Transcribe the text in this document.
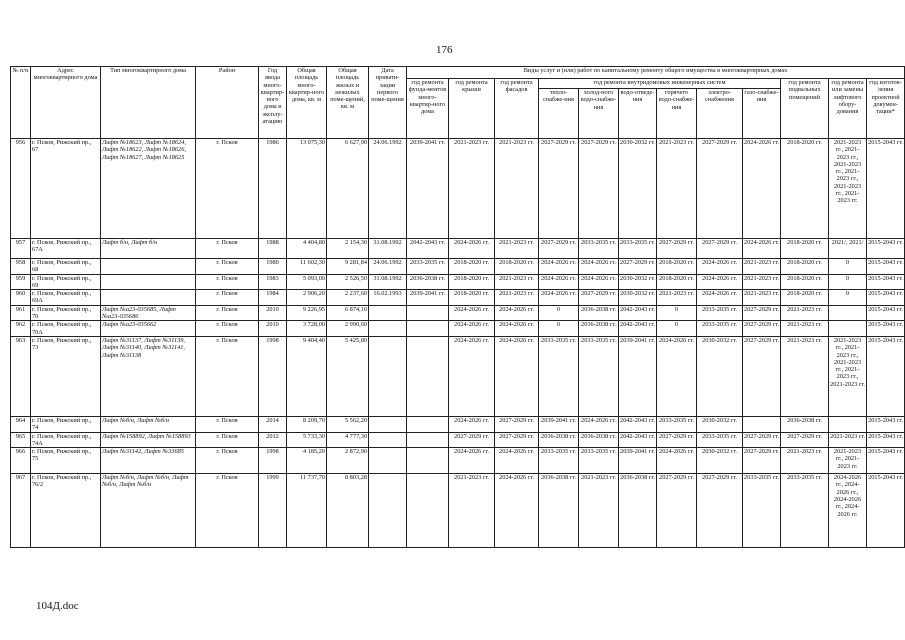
176
№ п/п	Адрес многоквартирного дома	Тип многоквартирного дома	Район	Год ввода много-квартир-ного дома в эксплу-атацию	Общая площадь много-квартир-ного дома, кв. м	Общая площадь жилых и нежилых поме-щений, кв. м	Дата привати-зации первого поме-щения	Виды услуг и (или) работ по капитальному ремонту общего имущества в многоквартирных домах											
								год ремонта фунда-ментов много-квартир-ного дома	год ремонта крыши	год ремонта фасадов	год ремонта внутридомовых инженерных систем						год ремонта подвальных помещений	год ремонта или замены лифтового обору-дования	год изготов-ления проектной докумен-тации*
											тепло-снабже-ния	холод-ного водо-снабже-ния	водо-отведе-ния	горячего водо-снабже-ния	электро-снабжения	газо-снабже-ния			
956	г. Псков, Рижский пр., 67	Лифт №18623, Лифт №18624, Лифт №18622, Лифт №18626, Лифт №18627, Лифт №18625	г. Псков	1986	13 075,30	6 627,90	24.06.1992	2039-2041 гг.	2021-2023 гг.	2021-2023 гг.	2027-2029 гг.	2027-2029 гг.	2030-2032 гг.	2021-2023 гг.	2027-2029 гг.	2024-2026 гг.	2018-2020 гг.	2021-2023 гг., 2021-2023 гг., 2021-2023 гг., 2021-2023 гг., 2021-2023 гг., 2021-2023 гг.	2015-2043 гг.
957	г. Псков, Рижский пр., 67А	Лифт б/н, Лифт б/н	г. Псков	1988	4 404,80	2 154,30	31.08.1992	2042-2043 гг.	2024-2026 гг.	2021-2023 гг.	2027-2029 гг.	2033-2035 гг.	2033-2035 гг.	2027-2029 гг.	2027-2029 гг.	2024-2026 гг.	2018-2020 гг.	2021/, 2021/	2015-2043 гг.
958	г. Псков, Рижский пр., 68		г. Псков	1980	11 602,30	9 281,84	24.06.1992	2033-2035 гг.	2018-2020 гг.	2018-2020 гг.	2024-2026 гг.	2024-2026 гг.	2027-2029 гг.	2018-2020 гг.	2024-2026 гг.	2021-2023 гг.	2018-2020 гг.	0	2015-2043 гг.
959	г. Псков, Рижский пр., 69		г. Псков	1983	5 093,00	2 526,50	31.08.1992	2036-2038 гг.	2018-2020 гг.	2021-2023 гг.	2024-2026 гг.	2024-2026 гг.	2030-2032 гг.	2018-2020 гг.	2024-2026 гг.	2021-2023 гг.	2018-2020 гг.	0	2015-2043 гг.
960	г. Псков, Рижский пр., 69А		г. Псков	1984	2 906,20	2 237,60	16.02.1993	2039-2041 гг.	2018-2020 гг.	2021-2023 гг.	2024-2026 гг.	2027-2029 гг.	2030-2032 гг.	2021-2023 гг.	2024-2026 гг.	2021-2023 гг.	2018-2020 гг.	0	2015-2043 гг.
961	г. Псков, Рижский пр., 70	Лифт №а23-035685, Лифт №а23-035686	г. Псков	2010	9 226,95	6 874,10			2024-2026 гг.	2024-2026 гг.	0	2036-2038 гг.	2042-2043 гг.	0	2033-2035 гг.	2027-2029 гг.	2021-2023 гг.		2015-2043 гг.
962	г. Псков, Рижский пр., 70А	Лифт №а23-035662	г. Псков	2010	3 728,00	2 990,60			2024-2026 гг.	2024-2026 гг.	0	2036-2038 гг.	2042-2043 гг.	0	2033-2035 гг.	2027-2029 гг.	2021-2023 гг.		2015-2043 гг.
963	г. Псков, Рижский пр., 73	Лифт №31137, Лифт №31139, Лифт №31140, Лифт №31141, Лифт №31138	г. Псков	1998	9 404,40	5 425,80			2024-2026 гг.	2024-2026 гг.	2033-2035 гг.	2033-2035 гг.	2039-2041 гг.	2024-2026 гг.	2030-2032 гг.	2027-2029 гг.	2021-2023 гг.	2021-2023 гг., 2021-2023 гг., 2021-2023 гг., 2021-2023 гг., 2021-2023 гг.	2015-2043 гг.
964	г. Псков, Рижский пр., 74	Лифт №б/н, Лифт №б/н	г. Псков	2014	8 209,70	5 562,20			2024-2026 гг.	2027-2029 гг.	2039-2041 гг.	2024-2026 гг.	2042-2043 гг.	2033-2035 гг.	2030-2032 гг.		2036-2038 гг.		2015-2043 гг.
965	г. Псков, Рижский пр., 74А	Лифт №158892, Лифт №158893	г. Псков	2012	5 733,30	4 777,30			2027-2029 гг.	2027-2029 гг.	2036-2038 гг.	2036-2038 гг.	2042-2043 гг.	2027-2029 гг.	2033-2035 гг.	2027-2029 гг.	2027-2029 гг.	2021-2023 гг.	2015-2043 гг.
966	г. Псков, Рижский пр., 75	Лифт №31142, Лифт №33685	г. Псков	1998	4 185,20	2 872,90			2024-2026 гг.	2024-2026 гг.	2033-2035 гг.	2033-2035 гг.	2039-2041 гг.	2024-2026 гг.	2030-2032 гг.	2027-2029 гг.	2021-2023 гг.	2021-2023 гг., 2021-2023 гг.	2015-2043 гг.
967	г. Псков, Рижский пр., 76/2	Лифт №б/н, Лифт №б/н, Лифт №б/н, Лифт №б/н	г. Псков	1999	11 737,70	8 803,28			2021-2023 гг.	2024-2026 гг.	2036-2038 гг.	2021-2023 гг.	2036-2038 гг.	2027-2029 гг.	2027-2029 гг.	2033-2035 гг.	2033-2035 гг.	2024-2026 гг., 2024-2026 гг., 2024-2026 гг., 2024-2026 гг.	2015-2043 гг.
104Д.doc
